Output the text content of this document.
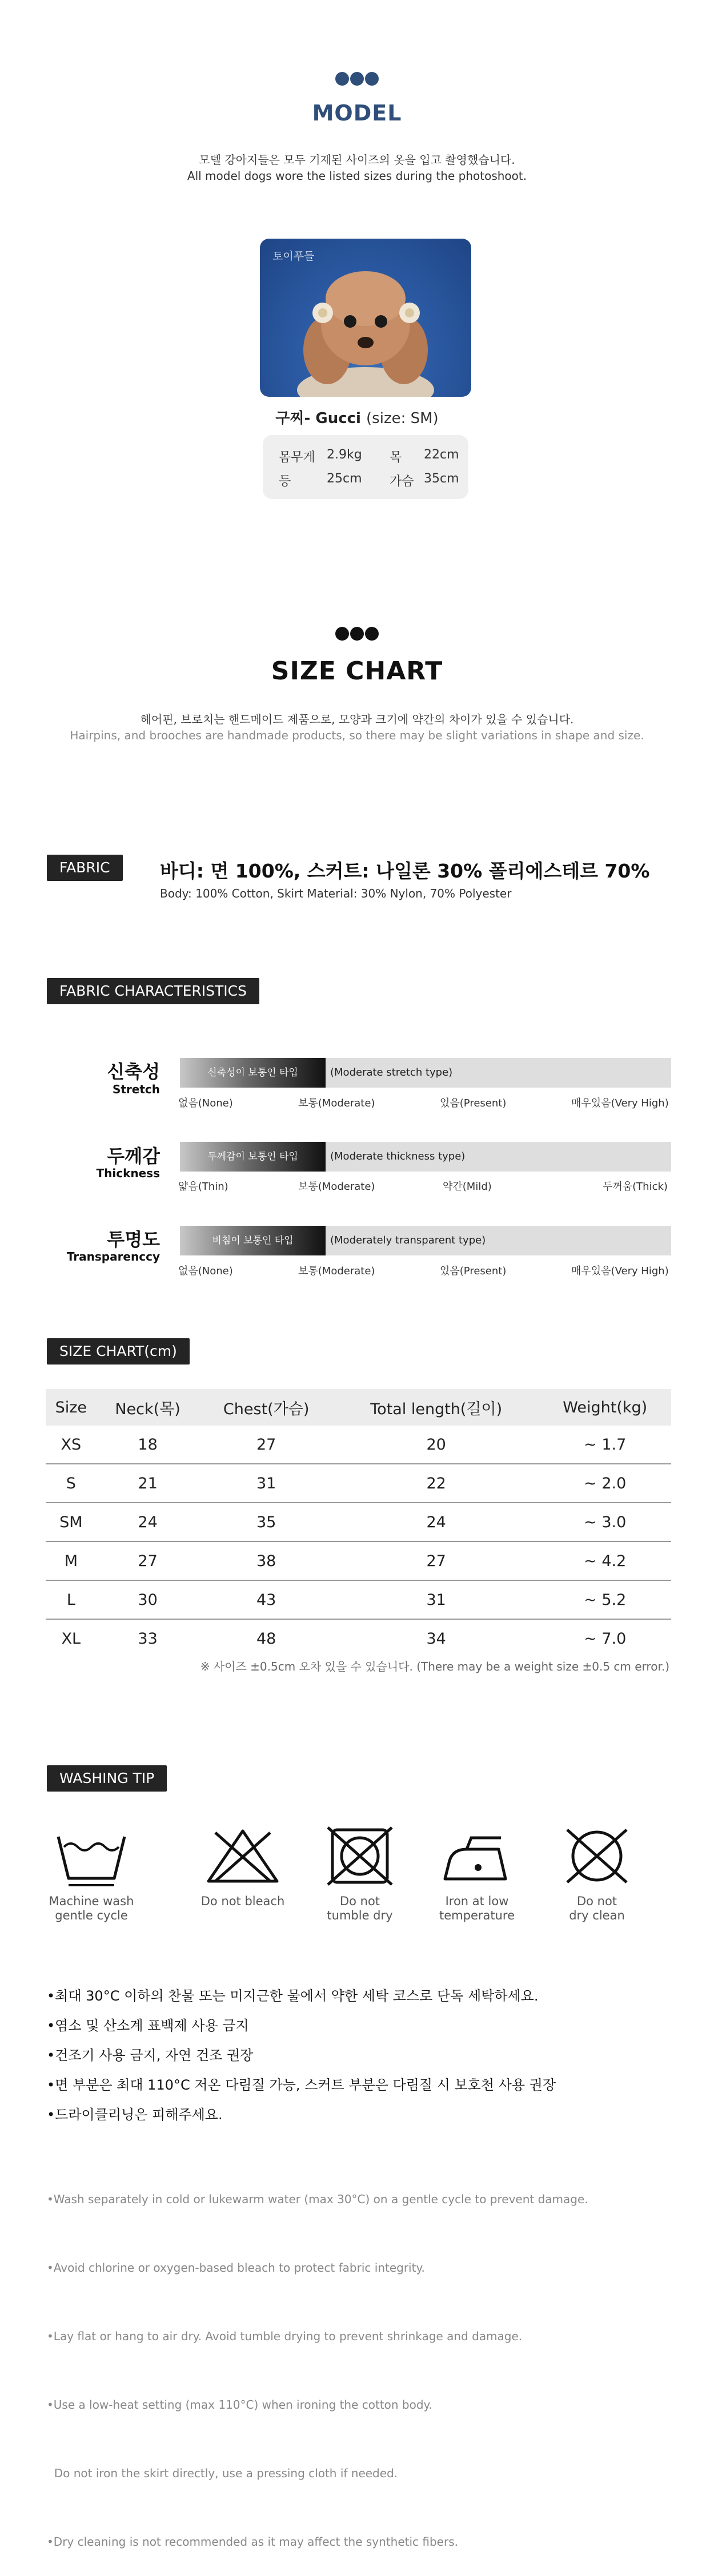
MODEL
모델 강아지들은 모두 기재된 사이즈의 옷을 입고 촬영했습니다.
All model dogs wore the listed sizes during the photoshoot.
토이푸들
구찌- Gucci (size: SM)
몸무게 2.9kg 목 22cm
등	25cm 가슴 35cm
SIZE CHART
헤어핀, 브로치는 핸드메이드 제품으로, 모양과 크기에 약간의 차이가 있을 수 있습니다.
Hairpins, and brooches are handmade products, so there may be slight variations in shape and size.
FABRIC	바디: 면 100%, 스커트: 나일론 30% 폴리에스테르 70%
Body: 100% Cotton, Skirt Material: 30% Nylon, 70% Polyester
FABRIC CHARACTERISTICS
신축성
Stretch
신축성이 보통인 타입	(Moderate stretch type)
없음(None)	보통(Moderate)	있음(Present)	매우있음(Very High)
두께감
Thickness
두께감이 보통인 타입	(Moderate thickness type)
얇음(Thin)	보통(Moderate)	약간(Mild)	두꺼움(Thick)
투명도
Transparenccy
비침이 보통인 타입	(Moderately transparent type)
없음(None)	보통(Moderate)	있음(Present)	매우있음(Very High)
SIZE CHART(cm)
Size	Neck(목)	Chest(가슴)	Total length(길이)	Weight(kg)
XS	18	27	20	~ 1.7
S	21	31	22	~ 2.0
SM	24	35	24	~ 3.0
M	27	38	27	~ 4.2
L	30	43	31	~ 5.2
XL	33	48	34	~ 7.0
※ 사이즈 ±0.5cm 오차 있을 수 있습니다. (There may be a weight size ±0.5 cm error.)
WASHING TIP
Machine wash
gentle cycle
Do not bleach	Do not
tumble dry
Iron at low
temperature
Do not
dry clean
•최대 30°C 이하의 찬물 또는 미지근한 물에서 약한 세탁 코스로 단독 세탁하세요.
•염소 및 산소계 표백제 사용 금지
•건조기 사용 금지, 자연 건조 권장
•면 부분은 최대 110°C 저온 다림질 가능, 스커트 부분은 다림질 시 보호천 사용 권장
•드라이클리닝은 피해주세요.

•Wash separately in cold or lukewarm water (max 30°C) on a gentle cycle to prevent damage.

•Avoid chlorine or oxygen-based bleach to protect fabric integrity.

•Lay flat or hang to air dry. Avoid tumble drying to prevent shrinkage and damage.

•Use a low-heat setting (max 110°C) when ironing the cotton body.

Do not iron the skirt directly, use a pressing cloth if needed.

•Dry cleaning is not recommended as it may affect the synthetic fibers.
